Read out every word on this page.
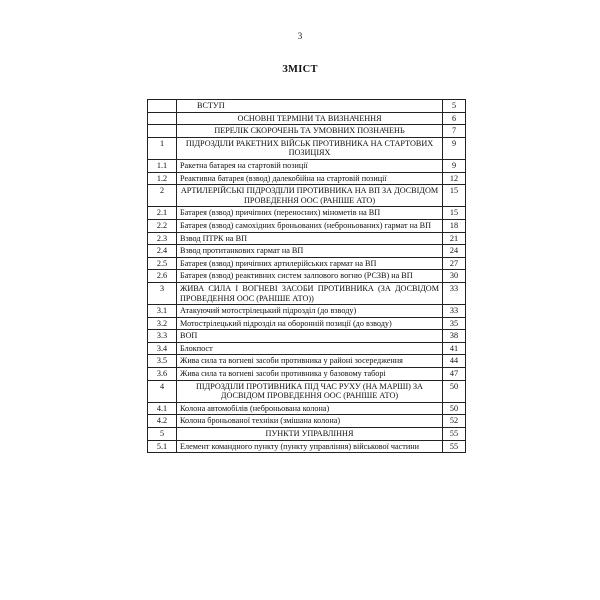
3
ЗМІСТ
	ВСТУП	5
	ОСНОВНІ ТЕРМІНИ ТА ВИЗНАЧЕННЯ	6
	ПЕРЕЛІК СКОРОЧЕНЬ ТА УМОВНИХ ПОЗНАЧЕНЬ	7
1	ПІДРОЗДІЛИ РАКЕТНИХ ВІЙСЬК ПРОТИВНИКА НА СТАРТОВИХ ПОЗИЦІЯХ	9
1.1	Ракетна батарея на стартовій позиції	9
1.2	Реактивна батарея (взвод) далекобійна на стартовій позиції	12
2	АРТИЛЕРІЙСЬКІ ПІДРОЗДІЛИ ПРОТИВНИКА НА ВП ЗА ДОСВІДОМ ПРОВЕДЕННЯ ООС (РАНІШЕ АТО)	15
2.1	Батарея (взвод) причіпних (переносних) мінометів на ВП	15
2.2	Батарея (взвод) самохідних броньованих (неброньованих) гармат на ВП	18
2.3	Взвод ПТРК на ВП	21
2.4	Взвод протитанкових гармат на ВП	24
2.5	Батарея (взвод) причіпних артилерійських гармат на ВП	27
2.6	Батарея (взвод) реактивних систем залпового вогню (РСЗВ) на ВП	30
3	ЖИВА СИЛА І ВОГНЕВІ ЗАСОБИ ПРОТИВНИКА (ЗА ДОСВІДОМ ПРОВЕДЕННЯ ООС (РАНІШЕ АТО))	33
3.1	Атакуючий мотострілецький підрозділ (до взводу)	33
3.2	Мотострілецький підрозділ на оборонній позиції (до взводу)	35
3.3	ВОП	38
3.4	Блокпост	41
3.5	Жива сила та вогневі засоби противника у районі зосередження	44
3.6	Жива сила та вогневі засоби противника у базовому таборі	47
4	ПІДРОЗДІЛИ ПРОТИВНИКА ПІД ЧАС РУХУ (НА МАРШІ) ЗА ДОСВІДОМ ПРОВЕДЕННЯ ООС (РАНІШЕ АТО)	50
4.1	Колона автомобілів (неброньована колона)	50
4.2	Колона броньованої техніки (змішана колона)	52
5	ПУНКТИ УПРАВЛІННЯ	55
5.1	Елемент командного пункту (пункту управління) військової частини	55
